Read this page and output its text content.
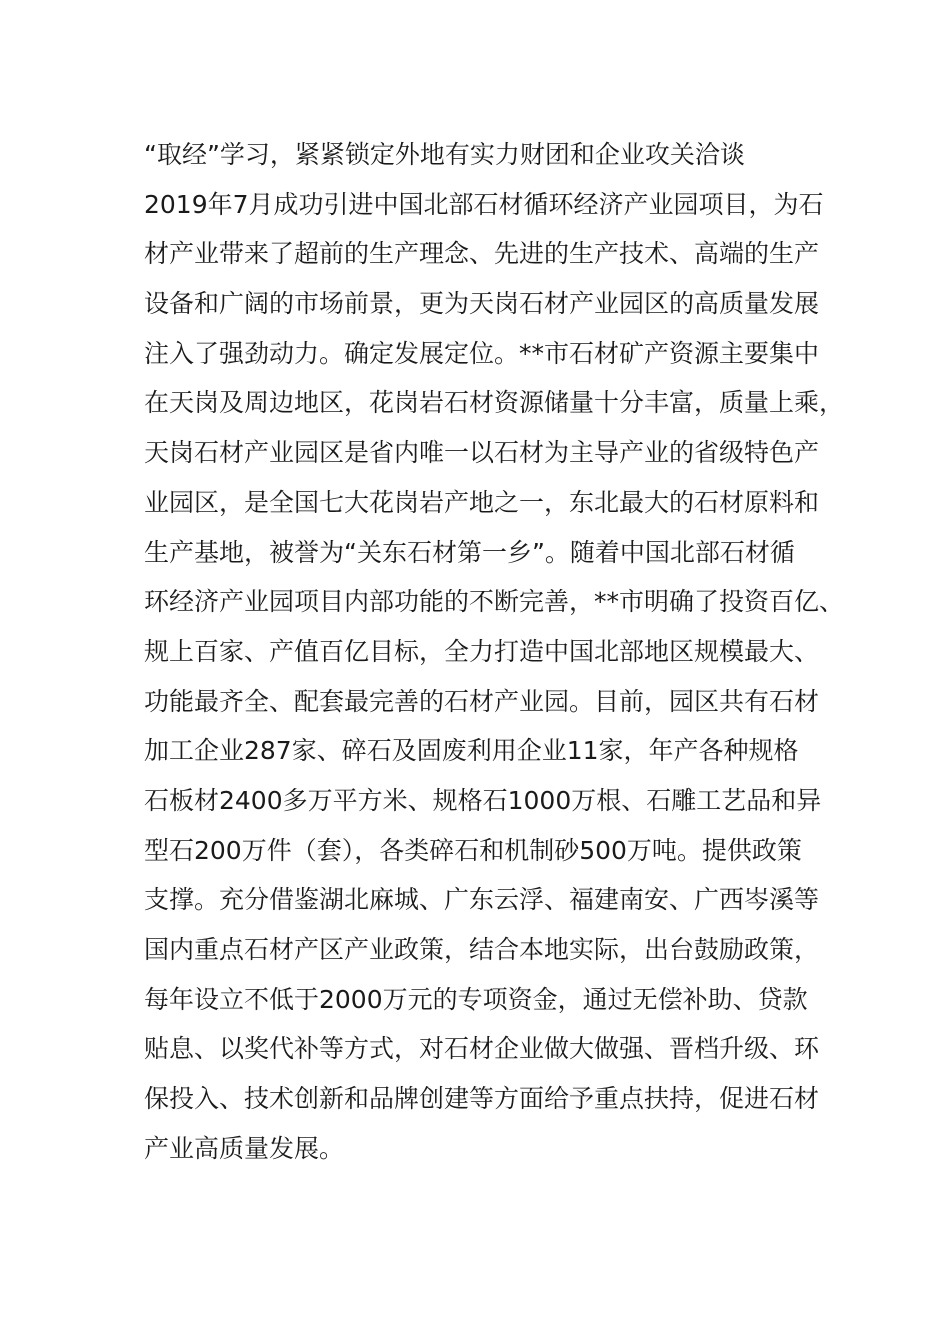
“取经”学习，紧紧锁定外地有实力财团和企业攻关洽谈

2019年7月成功引进中国北部石材循环经济产业园项目，为石

材产业带来了超前的生产理念、先进的生产技术、高端的生产

设备和广阔的市场前景，更为天岗石材产业园区的高质量发展

注入了强劲动力。确定发展定位。**市石材矿产资源主要集中

在天岗及周边地区，花岗岩石材资源储量十分丰富，质量上乘，

天岗石材产业园区是省内唯一以石材为主导产业的省级特色产

业园区，是全国七大花岗岩产地之一，东北最大的石材原料和

生产基地，被誉为“关东石材第一乡”。随着中国北部石材循

环经济产业园项目内部功能的不断完善，**市明确了投资百亿、

规上百家、产值百亿目标，全力打造中国北部地区规模最大、

功能最齐全、配套最完善的石材产业园。目前，园区共有石材

加工企业287家、碎石及固废利用企业11家，年产各种规格

石板材2400多万平方米、规格石1000万根、石雕工艺品和异

型石200万件（套），各类碎石和机制砂500万吨。提供政策

支撑。充分借鉴湖北麻城、广东云浮、福建南安、广西岑溪等

国内重点石材产区产业政策，结合本地实际，出台鼓励政策，

每年设立不低于2000万元的专项资金，通过无偿补助、贷款

贴息、以奖代补等方式，对石材企业做大做强、晋档升级、环

保投入、技术创新和品牌创建等方面给予重点扶持，促进石材

产业高质量发展。
